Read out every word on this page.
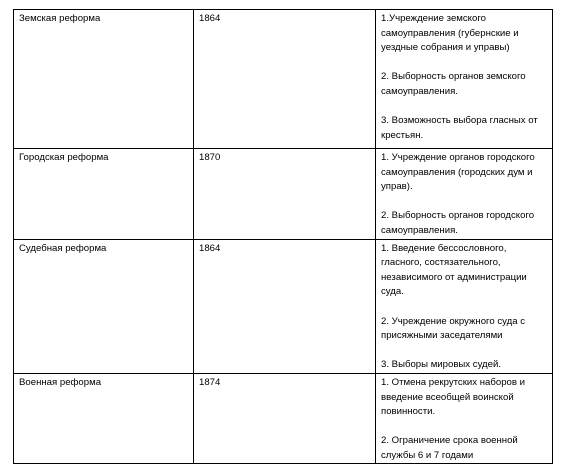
Земская реформа	1864	1.Учреждение земского самоуправления (губернские и уездные собрания и управы)
2. Выборность органов земского самоуправления.
3. Возможность выбора гласных от крестьян.

Городская реформа	1870	1. Учреждение органов городского самоуправления (городских дум и управ).
2. Выборность органов городского самоуправления.

Судебная реформа	1864	1. Введение бессословного, гласного, состязательного, независимого от администрации суда.
2. Учреждение окружного суда с присяжными заседателями
3. Выборы мировых судей.

Военная реформа	1874	1. Отмена рекрутских наборов и введение всеобщей воинской повинности.
2. Ограничение срока военной службы 6 и 7 годами
